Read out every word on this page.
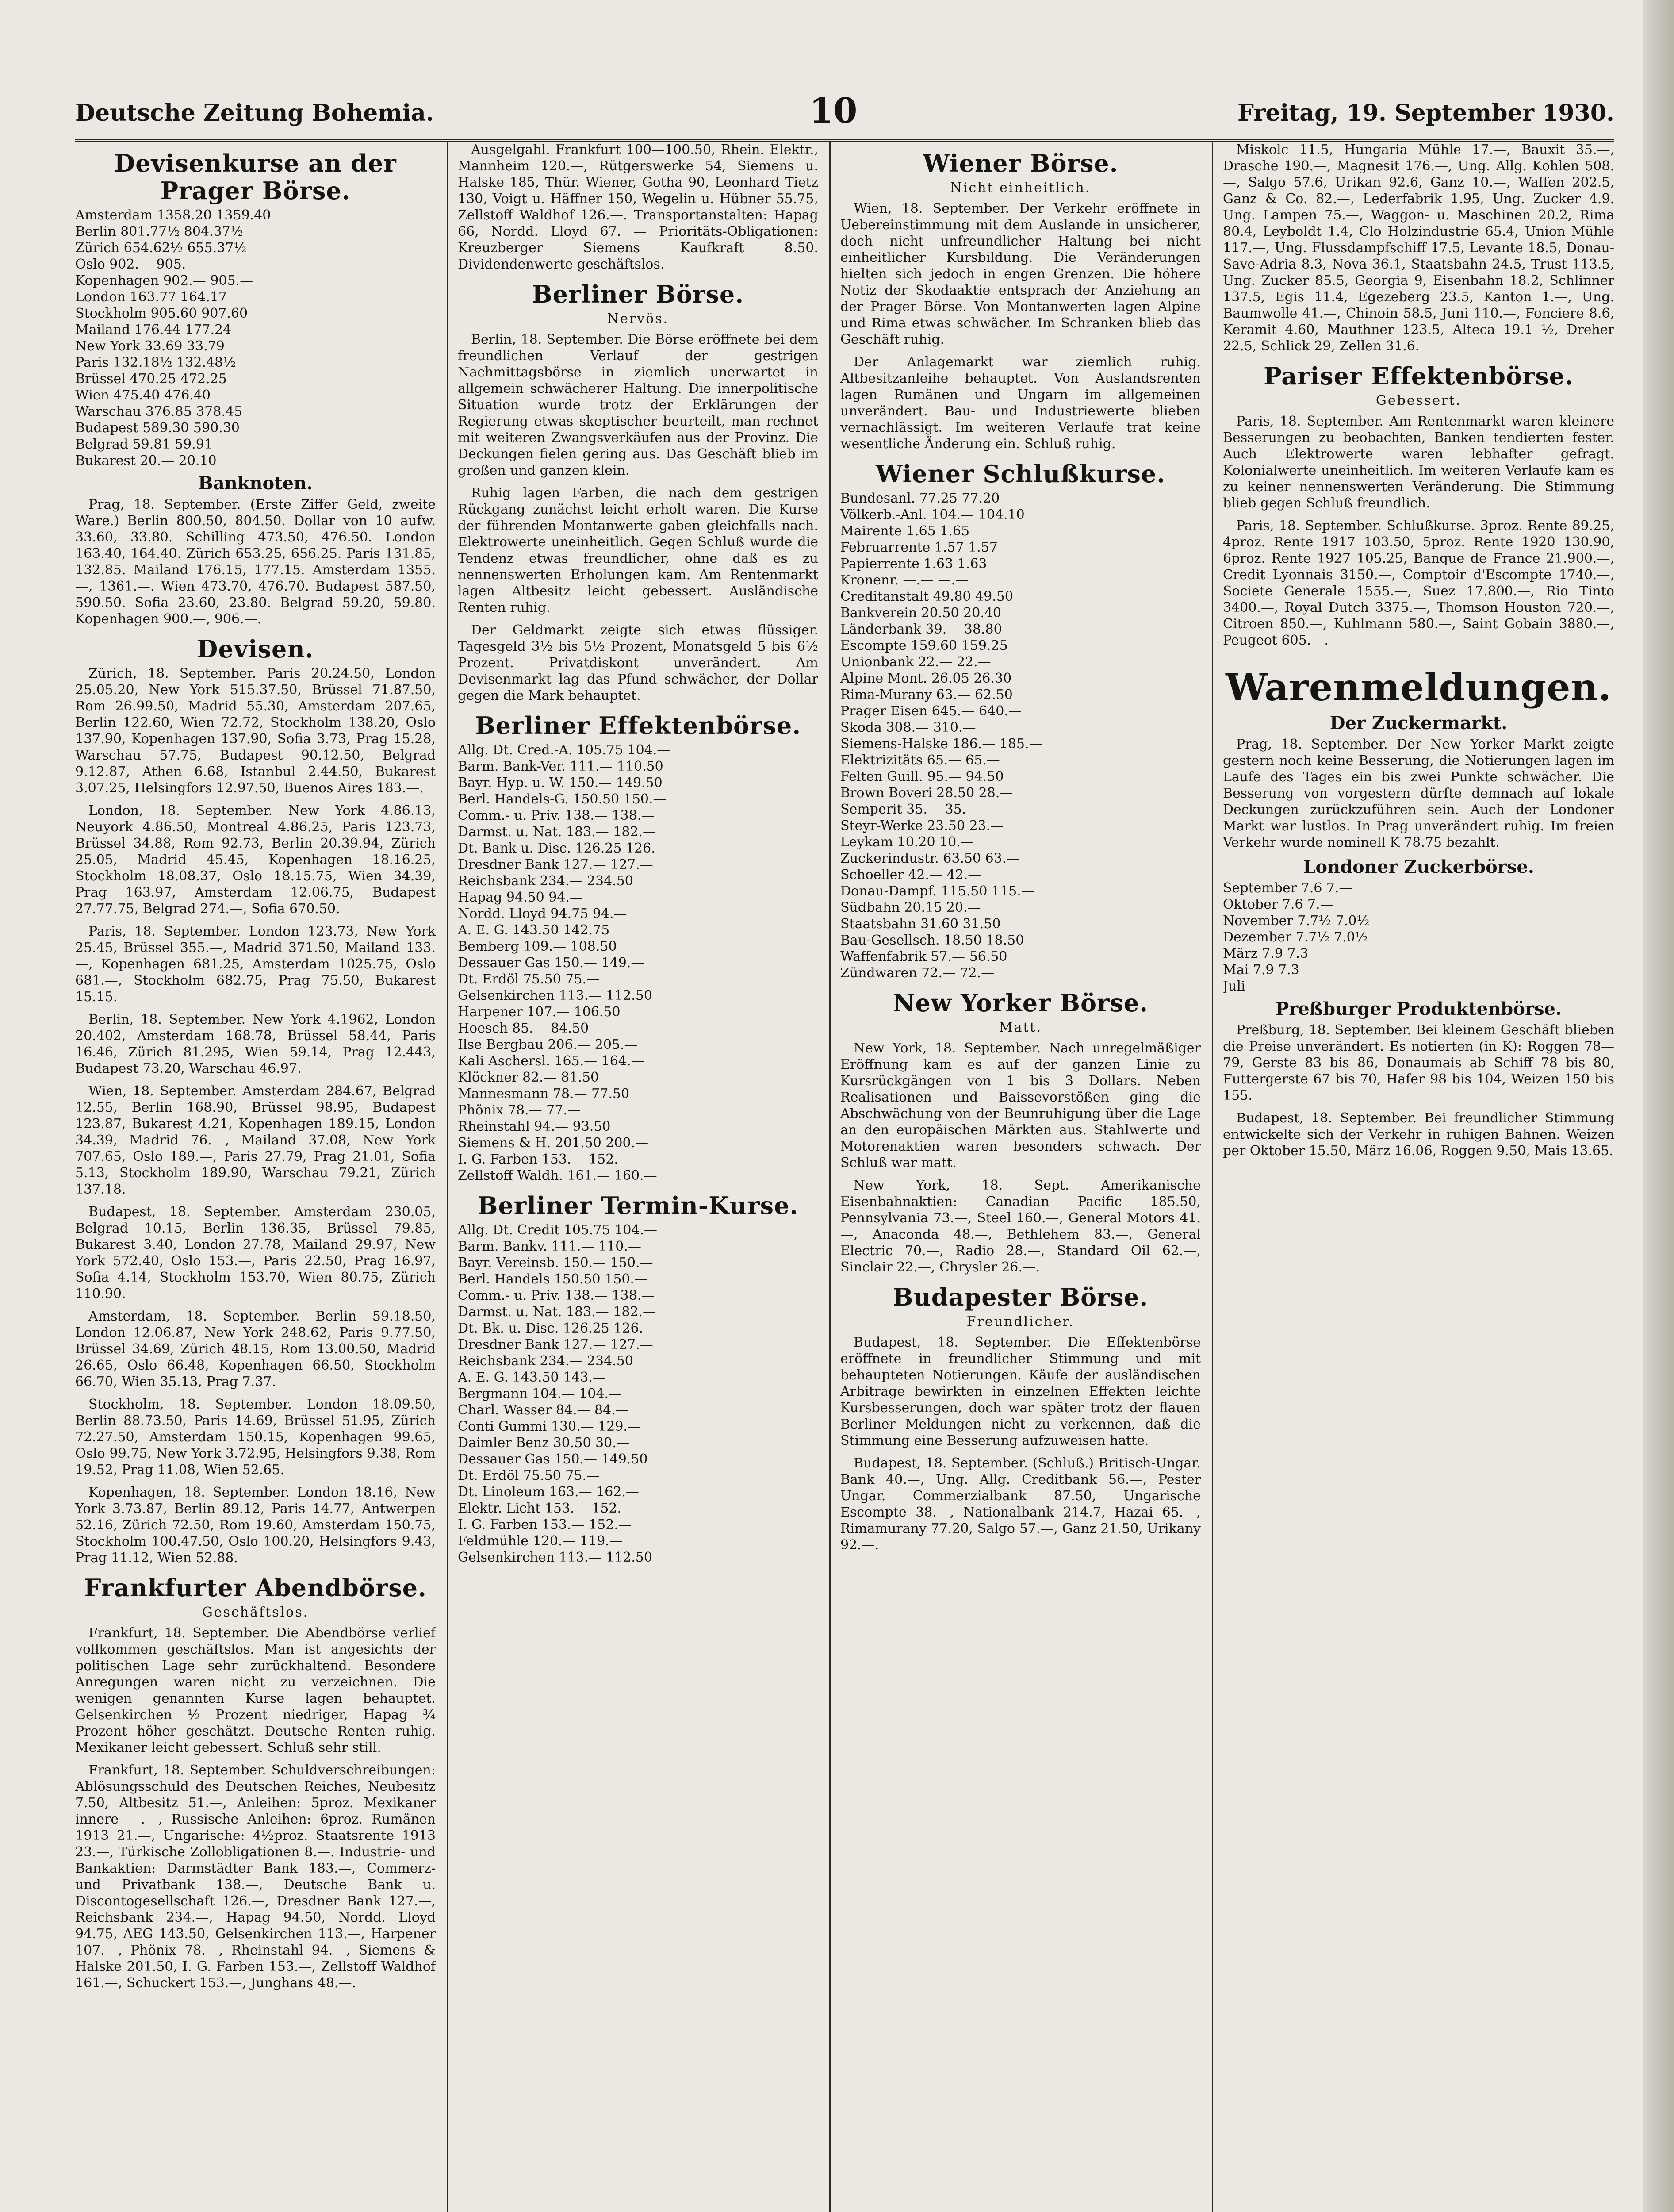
Deutsche Zeitung Bohemia.	10	Freitag, 19. September 1930.
Devisenkurse an der Prager Börse.
Amsterdam 1358.20 1359.40
Berlin 801.77½ 804.37½
Zürich 654.62½ 655.37½
Oslo 902.— 905.—
Kopenhagen 902.— 905.—
London 163.77 164.17
Stockholm 905.60 907.60
Mailand 176.44 177.24
New York 33.69 33.79
Paris 132.18½ 132.48½
Brüssel 470.25 472.25
Wien 475.40 476.40
Warschau 376.85 378.45
Budapest 589.30 590.30
Belgrad 59.81 59.91
Bukarest 20.— 20.10
Banknoten.

Prag, 18. September. (Erste Ziffer Geld, zweite Ware.) Berlin 800.50, 804.50. Dollar von 10 aufw. 33.60, 33.80. Schilling 473.50, 476.50. London 163.40, 164.40. Zürich 653.25, 656.25. Paris 131.85, 132.85. Mailand 176.15, 177.15. Amsterdam 1355.—, 1361.—. Wien 473.70, 476.70. Budapest 587.50, 590.50. Sofia 23.60, 23.80. Belgrad 59.20, 59.80. Kopenhagen 900.—, 906.—.

Devisen.

Zürich, 18. September. Paris 20.24.50, London 25.05.20, New York 515.37.50, Brüssel 71.87.50, Rom 26.99.50, Madrid 55.30, Amsterdam 207.65, Berlin 122.60, Wien 72.72, Stockholm 138.20, Oslo 137.90, Kopenhagen 137.90, Sofia 3.73, Prag 15.28, Warschau 57.75, Budapest 90.12.50, Belgrad 9.12.87, Athen 6.68, Istanbul 2.44.50, Bukarest 3.07.25, Helsingfors 12.97.50, Buenos Aires 183.—.

London, 18. September. New York 4.86.13, Neuyork 4.86.50, Montreal 4.86.25, Paris 123.73, Brüssel 34.88, Rom 92.73, Berlin 20.39.94, Zürich 25.05, Madrid 45.45, Kopenhagen 18.16.25, Stockholm 18.08.37, Oslo 18.15.75, Wien 34.39, Prag 163.97, Amsterdam 12.06.75, Budapest 27.77.75, Belgrad 274.—, Sofia 670.50.

Paris, 18. September. London 123.73, New York 25.45, Brüssel 355.—, Madrid 371.50, Mailand 133.—, Kopenhagen 681.25, Amsterdam 1025.75, Oslo 681.—, Stockholm 682.75, Prag 75.50, Bukarest 15.15.

Berlin, 18. September. New York 4.1962, London 20.402, Amsterdam 168.78, Brüssel 58.44, Paris 16.46, Zürich 81.295, Wien 59.14, Prag 12.443, Budapest 73.20, Warschau 46.97.

Wien, 18. September. Amsterdam 284.67, Belgrad 12.55, Berlin 168.90, Brüssel 98.95, Budapest 123.87, Bukarest 4.21, Kopenhagen 189.15, London 34.39, Madrid 76.—, Mailand 37.08, New York 707.65, Oslo 189.—, Paris 27.79, Prag 21.01, Sofia 5.13, Stockholm 189.90, Warschau 79.21, Zürich 137.18.

Budapest, 18. September. Amsterdam 230.05, Belgrad 10.15, Berlin 136.35, Brüssel 79.85, Bukarest 3.40, London 27.78, Mailand 29.97, New York 572.40, Oslo 153.—, Paris 22.50, Prag 16.97, Sofia 4.14, Stockholm 153.70, Wien 80.75, Zürich 110.90.

Amsterdam, 18. September. Berlin 59.18.50, London 12.06.87, New York 248.62, Paris 9.77.50, Brüssel 34.69, Zürich 48.15, Rom 13.00.50, Madrid 26.65, Oslo 66.48, Kopenhagen 66.50, Stockholm 66.70, Wien 35.13, Prag 7.37.

Stockholm, 18. September. London 18.09.50, Berlin 88.73.50, Paris 14.69, Brüssel 51.95, Zürich 72.27.50, Amsterdam 150.15, Kopenhagen 99.65, Oslo 99.75, New York 3.72.95, Helsingfors 9.38, Rom 19.52, Prag 11.08, Wien 52.65.

Kopenhagen, 18. September. London 18.16, New York 3.73.87, Berlin 89.12, Paris 14.77, Antwerpen 52.16, Zürich 72.50, Rom 19.60, Amsterdam 150.75, Stockholm 100.47.50, Oslo 100.20, Helsingfors 9.43, Prag 11.12, Wien 52.88.

Frankfurter Abendbörse.
Geschäftslos.

Frankfurt, 18. September. Die Abendbörse verlief vollkommen geschäftslos. Man ist angesichts der politischen Lage sehr zurückhaltend. Besondere Anregungen waren nicht zu verzeichnen. Die wenigen genannten Kurse lagen behauptet. Gelsenkirchen ½ Prozent niedriger, Hapag ¾ Prozent höher geschätzt. Deutsche Renten ruhig. Mexikaner leicht gebessert. Schluß sehr still.

Frankfurt, 18. September. Schuldverschreibungen: Ablösungsschuld des Deutschen Reiches, Neubesitz 7.50, Altbesitz 51.—, Anleihen: 5proz. Mexikaner innere —.—, Russische Anleihen: 6proz. Rumänen 1913 21.—, Ungarische: 4½proz. Staatsrente 1913 23.—, Türkische Zollobligationen 8.—. Industrie- und Bankaktien: Darmstädter Bank 183.—, Commerz- und Privatbank 138.—, Deutsche Bank u. Discontogesellschaft 126.—, Dresdner Bank 127.—, Reichsbank 234.—, Hapag 94.50, Nordd. Lloyd 94.75, AEG 143.50, Gelsenkirchen 113.—, Harpener 107.—, Phönix 78.—, Rheinstahl 94.—, Siemens & Halske 201.50, I. G. Farben 153.—, Zellstoff Waldhof 161.—, Schuckert 153.—, Junghans 48.—.

Ausgelgahl. Frankfurt 100—100.50, Rhein. Elektr., Mannheim 120.—, Rütgerswerke 54, Siemens u. Halske 185, Thür. Wiener, Gotha 90, Leonhard Tietz 130, Voigt u. Häffner 150, Wegelin u. Hübner 55.75, Zellstoff Waldhof 126.—. Transportanstalten: Hapag 66, Nordd. Lloyd 67. — Prioritäts-Obligationen: Kreuzberger Siemens Kaufkraft 8.50. Dividendenwerte geschäftslos.

Berliner Börse.
Nervös.

Berlin, 18. September. Die Börse eröffnete bei dem freundlichen Verlauf der gestrigen Nachmittagsbörse in ziemlich unerwartet in allgemein schwächerer Haltung. Die innerpolitische Situation wurde trotz der Erklärungen der Regierung etwas skeptischer beurteilt, man rechnet mit weiteren Zwangsverkäufen aus der Provinz. Die Deckungen fielen gering aus. Das Geschäft blieb im großen und ganzen klein.

Ruhig lagen Farben, die nach dem gestrigen Rückgang zunächst leicht erholt waren. Die Kurse der führenden Montanwerte gaben gleichfalls nach. Elektrowerte uneinheitlich. Gegen Schluß wurde die Tendenz etwas freundlicher, ohne daß es zu nennenswerten Erholungen kam. Am Rentenmarkt lagen Altbesitz leicht gebessert. Ausländische Renten ruhig.

Der Geldmarkt zeigte sich etwas flüssiger. Tagesgeld 3½ bis 5½ Prozent, Monatsgeld 5 bis 6½ Prozent. Privatdiskont unverändert. Am Devisenmarkt lag das Pfund schwächer, der Dollar gegen die Mark behauptet.

Berliner Effektenbörse.
Allg. Dt. Cred.-A. 105.75 104.—
Barm. Bank-Ver. 111.— 110.50
Bayr. Hyp. u. W. 150.— 149.50
Berl. Handels-G. 150.50 150.—
Comm.- u. Priv. 138.— 138.—
Darmst. u. Nat. 183.— 182.—
Dt. Bank u. Disc. 126.25 126.—
Dresdner Bank 127.— 127.—
Reichsbank 234.— 234.50
Hapag 94.50 94.—
Nordd. Lloyd 94.75 94.—
A. E. G. 143.50 142.75
Bemberg 109.— 108.50
Dessauer Gas 150.— 149.—
Dt. Erdöl 75.50 75.—
Gelsenkirchen 113.— 112.50
Harpener 107.— 106.50
Hoesch 85.— 84.50
Ilse Bergbau 206.— 205.—
Kali Aschersl. 165.— 164.—
Klöckner 82.— 81.50
Mannesmann 78.— 77.50
Phönix 78.— 77.—
Rheinstahl 94.— 93.50
Siemens & H. 201.50 200.—
I. G. Farben 153.— 152.—
Zellstoff Waldh. 161.— 160.—
Berliner Termin-Kurse.
Allg. Dt. Credit 105.75 104.—
Barm. Bankv. 111.— 110.—
Bayr. Vereinsb. 150.— 150.—
Berl. Handels 150.50 150.—
Comm.- u. Priv. 138.— 138.—
Darmst. u. Nat. 183.— 182.—
Dt. Bk. u. Disc. 126.25 126.—
Dresdner Bank 127.— 127.—
Reichsbank 234.— 234.50
A. E. G. 143.50 143.—
Bergmann 104.— 104.—
Charl. Wasser 84.— 84.—
Conti Gummi 130.— 129.—
Daimler Benz 30.50 30.—
Dessauer Gas 150.— 149.50
Dt. Erdöl 75.50 75.—
Dt. Linoleum 163.— 162.—
Elektr. Licht 153.— 152.—
I. G. Farben 153.— 152.—
Feldmühle 120.— 119.—
Gelsenkirchen 113.— 112.50
Wiener Börse.
Nicht einheitlich.

Wien, 18. September. Der Verkehr eröffnete in Uebereinstimmung mit dem Auslande in unsicherer, doch nicht unfreundlicher Haltung bei nicht einheitlicher Kursbildung. Die Veränderungen hielten sich jedoch in engen Grenzen. Die höhere Notiz der Skodaaktie entsprach der Anziehung an der Prager Börse. Von Montanwerten lagen Alpine und Rima etwas schwächer. Im Schranken blieb das Geschäft ruhig.

Der Anlagemarkt war ziemlich ruhig. Altbesitzanleihe behauptet. Von Auslandsrenten lagen Rumänen und Ungarn im allgemeinen unverändert. Bau- und Industriewerte blieben vernachlässigt. Im weiteren Verlaufe trat keine wesentliche Änderung ein. Schluß ruhig.

Wiener Schlußkurse.
Bundesanl. 77.25 77.20
Völkerb.-Anl. 104.— 104.10
Mairente 1.65 1.65
Februarrente 1.57 1.57
Papierrente 1.63 1.63
Kronenr. —.— —.—
Creditanstalt 49.80 49.50
Bankverein 20.50 20.40
Länderbank 39.— 38.80
Escompte 159.60 159.25
Unionbank 22.— 22.—
Alpine Mont. 26.05 26.30
Rima-Murany 63.— 62.50
Prager Eisen 645.— 640.—
Skoda 308.— 310.—
Siemens-Halske 186.— 185.—
Elektrizitäts 65.— 65.—
Felten Guill. 95.— 94.50
Brown Boveri 28.50 28.—
Semperit 35.— 35.—
Steyr-Werke 23.50 23.—
Leykam 10.20 10.—
Zuckerindustr. 63.50 63.—
Schoeller 42.— 42.—
Donau-Dampf. 115.50 115.—
Südbahn 20.15 20.—
Staatsbahn 31.60 31.50
Bau-Gesellsch. 18.50 18.50
Waffenfabrik 57.— 56.50
Zündwaren 72.— 72.—
New Yorker Börse.
Matt.

New York, 18. September. Nach unregelmäßiger Eröffnung kam es auf der ganzen Linie zu Kursrückgängen von 1 bis 3 Dollars. Neben Realisationen und Baissevorstößen ging die Abschwächung von der Beunruhigung über die Lage an den europäischen Märkten aus. Stahlwerte und Motorenaktien waren besonders schwach. Der Schluß war matt.

New York, 18. Sept. Amerikanische Eisenbahnaktien: Canadian Pacific 185.50, Pennsylvania 73.—, Steel 160.—, General Motors 41.—, Anaconda 48.—, Bethlehem 83.—, General Electric 70.—, Radio 28.—, Standard Oil 62.—, Sinclair 22.—, Chrysler 26.—.

Budapester Börse.
Freundlicher.

Budapest, 18. September. Die Effektenbörse eröffnete in freundlicher Stimmung und mit behaupteten Notierungen. Käufe der ausländischen Arbitrage bewirkten in einzelnen Effekten leichte Kursbesserungen, doch war später trotz der flauen Berliner Meldungen nicht zu verkennen, daß die Stimmung eine Besserung aufzuweisen hatte.

Budapest, 18. September. (Schluß.) Britisch-Ungar. Bank 40.—, Ung. Allg. Creditbank 56.—, Pester Ungar. Commerzialbank 87.50, Ungarische Escompte 38.—, Nationalbank 214.7, Hazai 65.—, Rimamurany 77.20, Salgo 57.—, Ganz 21.50, Urikany 92.—.

Miskolc 11.5, Hungaria Mühle 17.—, Bauxit 35.—, Drasche 190.—, Magnesit 176.—, Ung. Allg. Kohlen 508.—, Salgo 57.6, Urikan 92.6, Ganz 10.—, Waffen 202.5, Ganz & Co. 82.—, Lederfabrik 1.95, Ung. Zucker 4.9. Ung. Lampen 75.—, Waggon- u. Maschinen 20.2, Rima 80.4, Leyboldt 1.4, Clo Holzindustrie 65.4, Union Mühle 117.—, Ung. Flussdampfschiff 17.5, Levante 18.5, Donau-Save-Adria 8.3, Nova 36.1, Staatsbahn 24.5, Trust 113.5, Ung. Zucker 85.5, Georgia 9, Eisenbahn 18.2, Schlinner 137.5, Egis 11.4, Egezeberg 23.5, Kanton 1.—, Ung. Baumwolle 41.—, Chinoin 58.5, Juni 110.—, Fonciere 8.6, Keramit 4.60, Mauthner 123.5, Alteca 19.1 ½, Dreher 22.5, Schlick 29, Zellen 31.6.

Pariser Effektenbörse.
Gebessert.

Paris, 18. September. Am Rentenmarkt waren kleinere Besserungen zu beobachten, Banken tendierten fester. Auch Elektrowerte waren lebhafter gefragt. Kolonialwerte uneinheitlich. Im weiteren Verlaufe kam es zu keiner nennenswerten Veränderung. Die Stimmung blieb gegen Schluß freundlich.

Paris, 18. September. Schlußkurse. 3proz. Rente 89.25, 4proz. Rente 1917 103.50, 5proz. Rente 1920 130.90, 6proz. Rente 1927 105.25, Banque de France 21.900.—, Credit Lyonnais 3150.—, Comptoir d'Escompte 1740.—, Societe Generale 1555.—, Suez 17.800.—, Rio Tinto 3400.—, Royal Dutch 3375.—, Thomson Houston 720.—, Citroen 850.—, Kuhlmann 580.—, Saint Gobain 3880.—, Peugeot 605.—.

Warenmeldungen.
Der Zuckermarkt.

Prag, 18. September. Der New Yorker Markt zeigte gestern noch keine Besserung, die Notierungen lagen im Laufe des Tages ein bis zwei Punkte schwächer. Die Besserung von vorgestern dürfte demnach auf lokale Deckungen zurückzuführen sein. Auch der Londoner Markt war lustlos. In Prag unverändert ruhig. Im freien Verkehr wurde nominell K 78.75 bezahlt.

Londoner Zuckerbörse.
September 7.6 7.—
Oktober 7.6 7.—
November 7.7½ 7.0½
Dezember 7.7½ 7.0½
März 7.9 7.3
Mai 7.9 7.3
Juli — —
Preßburger Produktenbörse.

Preßburg, 18. September. Bei kleinem Geschäft blieben die Preise unverändert. Es notierten (in K): Roggen 78—79, Gerste 83 bis 86, Donaumais ab Schiff 78 bis 80, Futtergerste 67 bis 70, Hafer 98 bis 104, Weizen 150 bis 155.

Budapest, 18. September. Bei freundlicher Stimmung entwickelte sich der Verkehr in ruhigen Bahnen. Weizen per Oktober 15.50, März 16.06, Roggen 9.50, Mais 13.65.
